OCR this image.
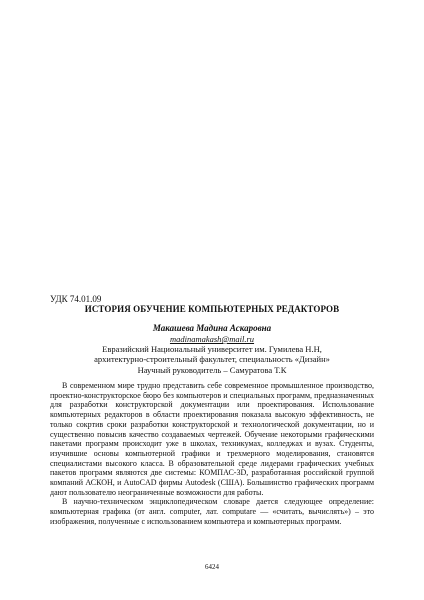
УДК 74.01.09
ИСТОРИЯ ОБУЧЕНИЕ КОМПЬЮТЕРНЫХ РЕДАКТОРОВ
Макашева Мадина Аскаровна
madinamakash@mail.ru
Евразийский Национальный университет им. Гумилева Н.Н, архитектурно-строительный факультет, специальность «Дизайн»
Научный руководитель – Самуратова Т.К

В современном мире трудно представить себе современное промышленное производство, проектно-конструкторское бюро без компьютеров и специальных программ, предназначенных для разработки конструкторской документации или проектирования. Использование компьютерных редакторов в области проектирования показала высокую эффективность, не только сокртив сроки разработки конструкторской и технологической документации, но и существенно повысив качество создаваемых чертежей. Обучение некоторыми графическими пакетами программ происходит уже в школах, техникумах, колледжах и вузах. Студенты, изучившие основы компьютерной графики и трехмерного моделирования, становятся специалистами высокого класса. В образовательной среде лидерами графических учебных пакетов программ являются две системы: КОМПАС-3D, разработанная российской группой компаний АСКОН, и AutoCAD фирмы Autodesk (США). Большинство графических программ дают пользователю неограниченные возможности для работы.

В научно-техническом энциклопедическом словаре дается следующее определение: компьютерная графика (от англ. computer, лат. computare — «считать, вычислять») – это изображения, полученные с использованием компьютера и компьютерных программ.

6424
